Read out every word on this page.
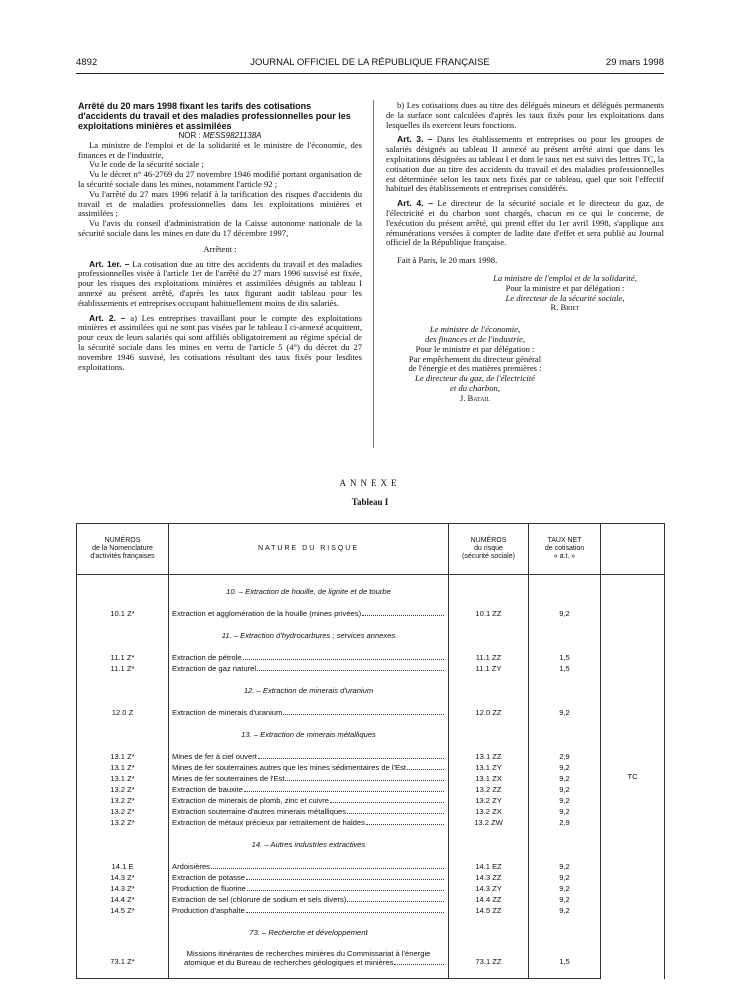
4892	JOURNAL OFFICIEL DE LA RÉPUBLIQUE FRANÇAISE	29 mars 1998

Arrêté du 20 mars 1998 fixant les tarifs des cotisations d'accidents du travail et des maladies professionnelles pour les exploitations minières et assimilées

NOR : MESS9821138A

La ministre de l'emploi et de la solidarité et le ministre de l'économie, des finances et de l'industrie,

Vu le code de la sécurité sociale ;

Vu le décret n° 46-2769 du 27 novembre 1946 modifié portant organisation de la sécurité sociale dans les mines, notamment l'article 92 ;

Vu l'arrêté du 27 mars 1996 relatif à la tarification des risques d'accidents du travail et de maladies professionnelles dans les exploitations minières et assimilées ;

Vu l'avis du conseil d'administration de la Caisse autonome nationale de la sécurité sociale dans les mines en date du 17 décembre 1997,

Arrêtent :

Art. 1er. – La cotisation due au titre des accidents du travail et des maladies professionnelles visée à l'article 1er de l'arrêté du 27 mars 1996 susvisé est fixée, pour les risques des exploitations minières et assimilées désignés au tableau I annexé au présent arrêté, d'après les taux figurant audit tableau pour les établissements et entreprises occupant habituellement moins de dix salariés.

Art. 2. – a) Les entreprises travaillant pour le compte des exploitations minières et assimilées qui ne sont pas visées par le tableau I ci-annexé acquittent, pour ceux de leurs salariés qui sont affiliés obligatoirement au régime spécial de la sécurité sociale dans les mines en vertu de l'article 5 (4°) du décret du 27 novembre 1946 susvisé, les cotisations résultant des taux fixés pour lesdites exploitations.

b) Les cotisations dues au titre des délégués mineurs et délégués permanents de la surface sont calculées d'après les taux fixés pour les exploitations dans lesquelles ils exercent leurs fonctions.

Art. 3. – Dans les établissements et entreprises ou pour les groupes de salariés désignés au tableau II annexé au présent arrêté ainsi que dans les exploitations désignées au tableau I et dont le taux net est suivi des lettres TC, la cotisation due au titre des accidents du travail et des maladies professionnelles est déterminée selon les taux nets fixés par ce tableau, quel que soit l'effectif habituel des établissements et entreprises considérés.

Art. 4. – Le directeur de la sécurité sociale et le directeur du gaz, de l'électricité et du charbon sont chargés, chacun en ce qui le concerne, de l'exécution du présent arrêté, qui prend effet du 1er avril 1998, s'applique aux rémunérations versées à compter de ladite date d'effet et sera publié au Journal officiel de la République française.

Fait à Paris, le 20 mars 1998.

La ministre de l'emploi et de la solidarité,

Pour la ministre et par délégation :

Le directeur de la sécurité sociale,

R. Briet

Le ministre de l'économie,

des finances et de l'industrie,

Pour le ministre et par délégation :

Par empêchement du directeur général

de l'énergie et des matières premières :

Le directeur du gaz, de l'électricité

et du charbon,

J. Batail

ANNEXE
Tableau I
NUMÉROS
de la Nomenclature
d'activités françaises	NATURE DU RISQUE	NUMÉROS
du risque
(sécurité sociale)	TAUX NET
de cotisation
« a.t. »	
				TC
	10. – Extraction de houille, de lignite et de tourbe			

10.1 Z*	Extraction et agglomération de la houille (mines privées)	10.1 ZZ	9,2	

	11. – Extraction d'hydrocarbures ; services annexes			

11.1 Z*	Extraction de pétrole	11.1 ZZ	1,5	
11.1 Z*	Extraction de gaz naturel	11.1 ZY	1,5	

	12. – Extraction de minerais d'uranium			

12.0 Z	Extraction de minerais d'uranium	12.0 ZZ	9,2	

	13. – Extraction de minerais métalliques			

13.1 Z*	Mines de fer à ciel ouvert	13.1 ZZ	2,9	
13.1 Z*	Mines de fer souterraines autres que les mines sédimentaires de l'Est	13.1 ZY	9,2	
13.1 Z*	Mines de fer souterraines de l'Est	13.1 ZX	9,2	
13.2 Z*	Extraction de bauxite	13.2 ZZ	9,2	
13.2 Z*	Extraction de minerais de plomb, zinc et cuivre	13.2 ZY	9,2	
13.2 Z*	Extraction souterraine d'autres minerais métalliques	13.2 ZX	9,2	
13.2 Z*	Extraction de métaux précieux par retraitement de haldes	13.2 ZW	2,9	

	14. – Autres industries extractives			

14.1 E	Ardoisières	14.1 EZ	9,2	
14.3 Z*	Extraction de potasse	14.3 ZZ	9,2	
14.3 Z*	Production de fluorine	14.3 ZY	9,2	
14.4 Z*	Extraction de sel (chlorure de sodium et sels divers)	14.4 ZZ	9,2	
14.5 Z*	Production d'asphalte	14.5 ZZ	9,2	

	73. – Recherche et développement			

73.1 Z*	Missions itinérantes de recherches minières du Commissariat à l'énergie
atomique et du Bureau de recherches géologiques et minières	73.1 ZZ	1,5	
